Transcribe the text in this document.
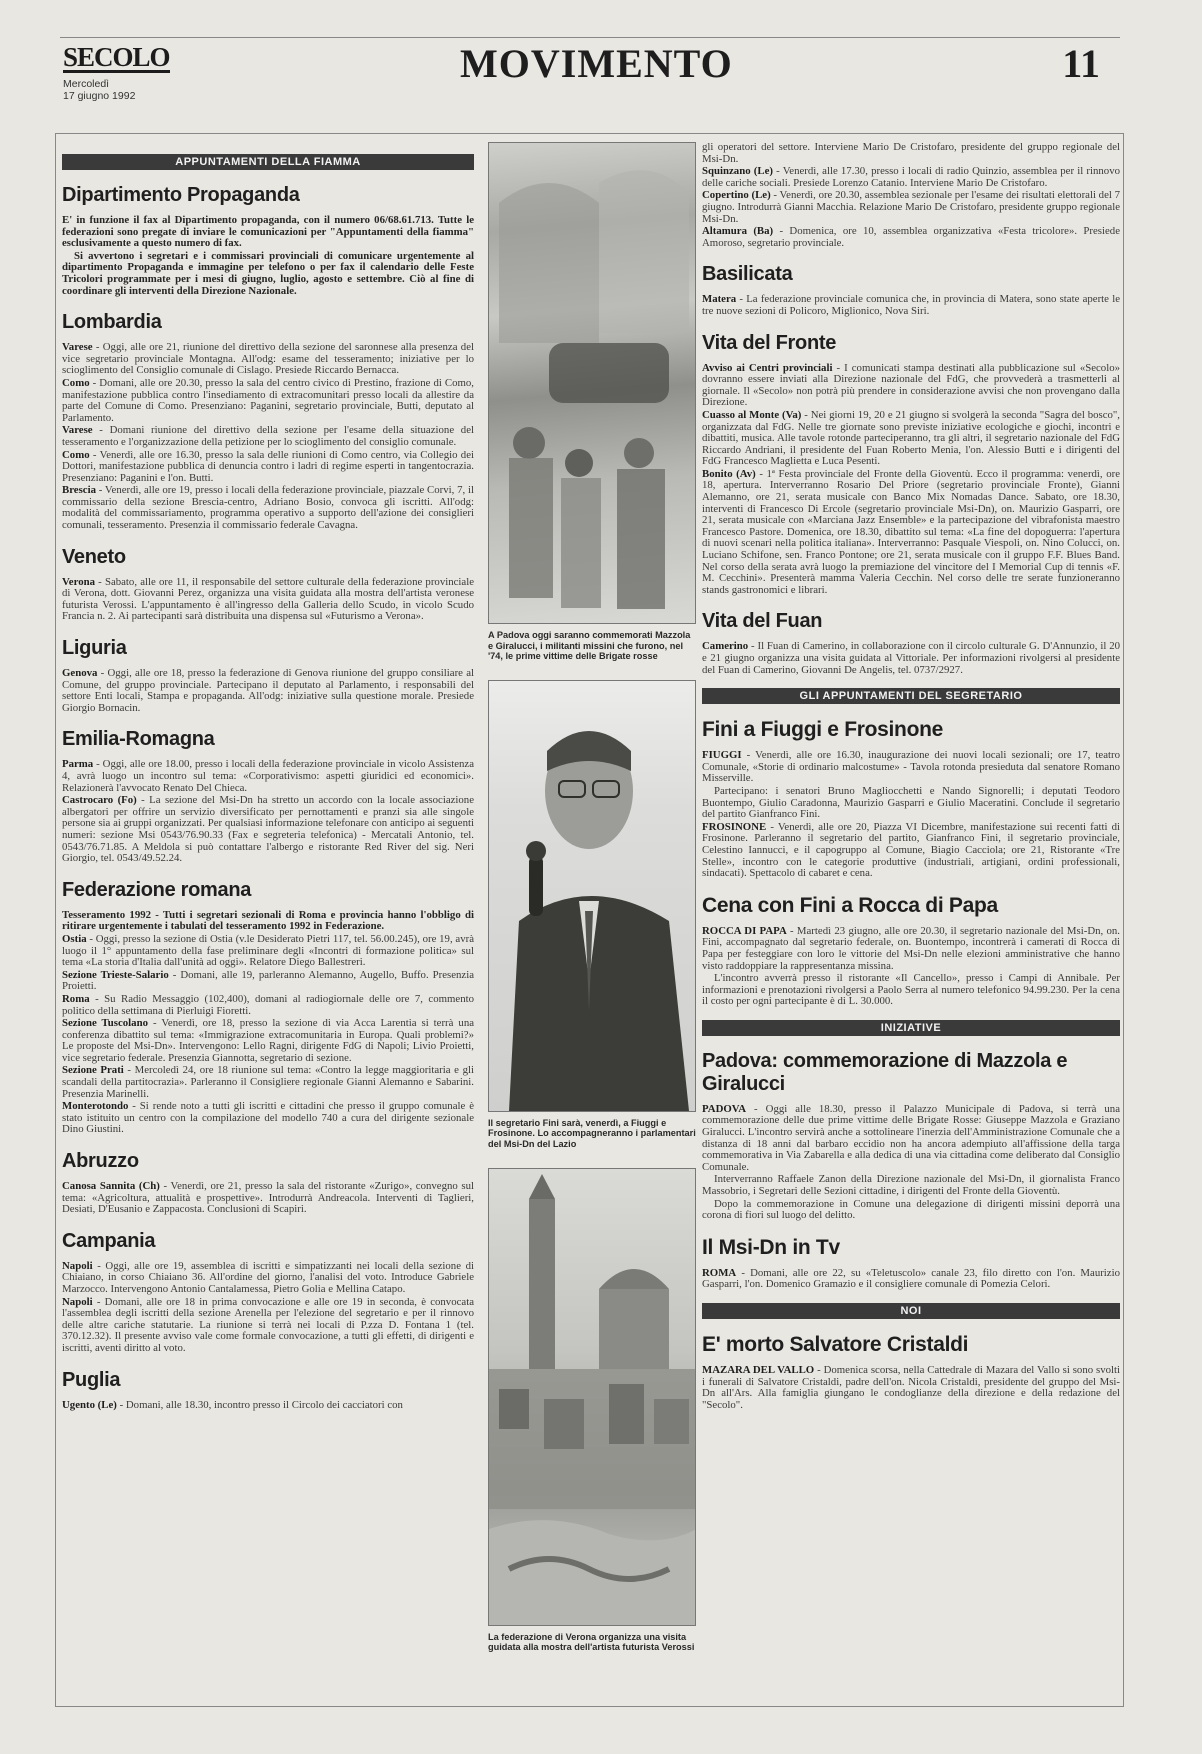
SECOLO
Mercoledì
17 giugno 1992
MOVIMENTO	11
APPUNTAMENTI DELLA FIAMMA
Dipartimento Propaganda

E' in funzione il fax al Dipartimento propaganda, con il numero 06/68.61.713. Tutte le federazioni sono pregate di inviare le comunicazioni per "Appuntamenti della fiamma" esclusivamente a questo numero di fax.

Si avvertono i segretari e i commissari provinciali di comunicare urgentemente al dipartimento Propaganda e immagine per telefono o per fax il calendario delle Feste Tricolori programmate per i mesi di giugno, luglio, agosto e settembre. Ciò al fine di coordinare gli interventi della Direzione Nazionale.

Lombardia

Varese - Oggi, alle ore 21, riunione del direttivo della sezione del saronnese alla presenza del vice segretario provinciale Montagna. All'odg: esame del tesseramento; iniziative per lo scioglimento del Consiglio comunale di Cislago. Presiede Riccardo Bernacca.

Como - Domani, alle ore 20.30, presso la sala del centro civico di Prestino, frazione di Como, manifestazione pubblica contro l'insediamento di extracomunitari presso locali da allestire da parte del Comune di Como. Presenziano: Paganini, segretario provinciale, Butti, deputato al Parlamento.

Varese - Domani riunione del direttivo della sezione per l'esame della situazione del tesseramento e l'organizzazione della petizione per lo scioglimento del consiglio comunale.

Como - Venerdì, alle ore 16.30, presso la sala delle riunioni di Como centro, via Collegio dei Dottori, manifestazione pubblica di denuncia contro i ladri di regime esperti in tangentocrazia. Presenziano: Paganini e l'on. Butti.

Brescia - Venerdì, alle ore 19, presso i locali della federazione provinciale, piazzale Corvi, 7, il commissario della sezione Brescia-centro, Adriano Bosio, convoca gli iscritti. All'odg: modalità del commissariamento, programma operativo a supporto dell'azione dei consiglieri comunali, tesseramento. Presenzia il commissario federale Cavagna.

Veneto

Verona - Sabato, alle ore 11, il responsabile del settore culturale della federazione provinciale di Verona, dott. Giovanni Perez, organizza una visita guidata alla mostra dell'artista veronese futurista Verossi. L'appuntamento è all'ingresso della Galleria dello Scudo, in vicolo Scudo Francia n. 2. Ai partecipanti sarà distribuita una dispensa sul «Futurismo a Verona».

Liguria

Genova - Oggi, alle ore 18, presso la federazione di Genova riunione del gruppo consiliare al Comune, del gruppo provinciale. Partecipano il deputato al Parlamento, i responsabili del settore Enti locali, Stampa e propaganda. All'odg: iniziative sulla questione morale. Presiede Giorgio Bornacin.

Emilia-Romagna

Parma - Oggi, alle ore 18.00, presso i locali della federazione provinciale in vicolo Assistenza 4, avrà luogo un incontro sul tema: «Corporativismo: aspetti giuridici ed economici». Relazionerà l'avvocato Renato Del Chieca.

Castrocaro (Fo) - La sezione del Msi-Dn ha stretto un accordo con la locale associazione albergatori per offrire un servizio diversificato per pernottamenti e pranzi sia alle singole persone sia ai gruppi organizzati. Per qualsiasi informazione telefonare con anticipo ai seguenti numeri: sezione Msi 0543/76.90.33 (Fax e segreteria telefonica) - Mercatali Antonio, tel. 0543/76.71.85. A Meldola si può contattare l'albergo e ristorante Red River del sig. Neri Giorgio, tel. 0543/49.52.24.

Federazione romana

Tesseramento 1992 - Tutti i segretari sezionali di Roma e provincia hanno l'obbligo di ritirare urgentemente i tabulati del tesseramento 1992 in Federazione.

Ostia - Oggi, presso la sezione di Ostia (v.le Desiderato Pietri 117, tel. 56.00.245), ore 19, avrà luogo il 1° appuntamento della fase preliminare degli «Incontri di formazione politica» sul tema «La storia d'Italia dall'unità ad oggi». Relatore Diego Ballestreri.

Sezione Trieste-Salario - Domani, alle 19, parleranno Alemanno, Augello, Buffo. Presenzia Proietti.

Roma - Su Radio Messaggio (102,400), domani al radiogiornale delle ore 7, commento politico della settimana di Pierluigi Fioretti.

Sezione Tuscolano - Venerdì, ore 18, presso la sezione di via Acca Larentia si terrà una conferenza dibattito sul tema: «Immigrazione extracomunitaria in Europa. Quali problemi?» Le proposte del Msi-Dn». Intervengono: Lello Ragni, dirigente FdG di Napoli; Livio Proietti, vice segretario federale. Presenzia Giannotta, segretario di sezione.

Sezione Prati - Mercoledì 24, ore 18 riunione sul tema: «Contro la legge maggioritaria e gli scandali della partitocrazia». Parleranno il Consigliere regionale Gianni Alemanno e Sabarini. Presenzia Marinelli.

Monterotondo - Si rende noto a tutti gli iscritti e cittadini che presso il gruppo comunale è stato istituito un centro con la compilazione del modello 740 a cura del dirigente sezionale Dino Giustini.

Abruzzo

Canosa Sannita (Ch) - Venerdì, ore 21, presso la sala del ristorante «Zurigo», convegno sul tema: «Agricoltura, attualità e prospettive». Introdurrà Andreacola. Interventi di Taglieri, Desiati, D'Eusanio e Zappacosta. Conclusioni di Scapiri.

Campania

Napoli - Oggi, alle ore 19, assemblea di iscritti e simpatizzanti nei locali della sezione di Chiaiano, in corso Chiaiano 36. All'ordine del giorno, l'analisi del voto. Introduce Gabriele Marzocco. Intervengono Antonio Cantalamessa, Pietro Golia e Mellina Catapo.

Napoli - Domani, alle ore 18 in prima convocazione e alle ore 19 in seconda, è convocata l'assemblea degli iscritti della sezione Arenella per l'elezione del segretario e per il rinnovo delle altre cariche statutarie. La riunione si terrà nei locali di P.zza D. Fontana 1 (tel. 370.12.32). Il presente avviso vale come formale convocazione, a tutti gli effetti, di dirigenti e iscritti, aventi diritto al voto.

Puglia

Ugento (Le) - Domani, alle 18.30, incontro presso il Circolo dei cacciatori con

A Padova oggi saranno commemorati Mazzola e Giralucci, i militanti missini che furono, nel '74, le prime vittime delle Brigate rosse
Il segretario Fini sarà, venerdì, a Fiuggi e Frosinone. Lo accompagneranno i parlamentari del Msi-Dn del Lazio
La federazione di Verona organizza una visita guidata alla mostra dell'artista futurista Verossi

gli operatori del settore. Interviene Mario De Cristofaro, presidente del gruppo regionale del Msi-Dn.

Squinzano (Le) - Venerdì, alle 17.30, presso i locali di radio Quinzio, assemblea per il rinnovo delle cariche sociali. Presiede Lorenzo Catanio. Interviene Mario De Cristofaro.

Copertino (Le) - Venerdì, ore 20.30, assemblea sezionale per l'esame dei risultati elettorali del 7 giugno. Introdurrà Gianni Macchia. Relazione Mario De Cristofaro, presidente gruppo regionale Msi-Dn.

Altamura (Ba) - Domenica, ore 10, assemblea organizzativa «Festa tricolore». Presiede Amoroso, segretario provinciale.

Basilicata

Matera - La federazione provinciale comunica che, in provincia di Matera, sono state aperte le tre nuove sezioni di Policoro, Miglionico, Nova Siri.

Vita del Fronte

Avviso ai Centri provinciali - I comunicati stampa destinati alla pubblicazione sul «Secolo» dovranno essere inviati alla Direzione nazionale del FdG, che provvederà a trasmetterli al giornale. Il «Secolo» non potrà più prendere in considerazione avvisi che non provengano dalla Direzione.

Cuasso al Monte (Va) - Nei giorni 19, 20 e 21 giugno si svolgerà la seconda "Sagra del bosco", organizzata dal FdG. Nelle tre giornate sono previste iniziative ecologiche e giochi, incontri e dibattiti, musica. Alle tavole rotonde parteciperanno, tra gli altri, il segretario nazionale del FdG Riccardo Andriani, il presidente del Fuan Roberto Menia, l'on. Alessio Butti e i dirigenti del FdG Francesco Maglietta e Luca Pesenti.

Bonito (Av) - 1ª Festa provinciale del Fronte della Gioventù. Ecco il programma: venerdì, ore 18, apertura. Interverranno Rosario Del Priore (segretario provinciale Fronte), Gianni Alemanno, ore 21, serata musicale con Banco Mix Nomadas Dance. Sabato, ore 18.30, interventi di Francesco Di Ercole (segretario provinciale Msi-Dn), on. Maurizio Gasparri, ore 21, serata musicale con «Marciana Jazz Ensemble» e la partecipazione del vibrafonista maestro Francesco Pastore. Domenica, ore 18.30, dibattito sul tema: «La fine del dopoguerra: l'apertura di nuovi scenari nella politica italiana». Interverranno: Pasquale Viespoli, on. Nino Colucci, on. Luciano Schifone, sen. Franco Pontone; ore 21, serata musicale con il gruppo F.F. Blues Band. Nel corso della serata avrà luogo la premiazione del vincitore del I Memorial Cup di tennis «F. M. Cecchini». Presenterà mamma Valeria Cecchin. Nel corso delle tre serate funzioneranno stands gastronomici e librari.

Vita del Fuan

Camerino - Il Fuan di Camerino, in collaborazione con il circolo culturale G. D'Annunzio, il 20 e 21 giugno organizza una visita guidata al Vittoriale. Per informazioni rivolgersi al presidente del Fuan di Camerino, Giovanni De Angelis, tel. 0737/2927.

GLI APPUNTAMENTI DEL SEGRETARIO
Fini a Fiuggi e Frosinone

FIUGGI - Venerdì, alle ore 16.30, inaugurazione dei nuovi locali sezionali; ore 17, teatro Comunale, «Storie di ordinario malcostume» - Tavola rotonda presieduta dal senatore Romano Misserville.

Partecipano: i senatori Bruno Magliocchetti e Nando Signorelli; i deputati Teodoro Buontempo, Giulio Caradonna, Maurizio Gasparri e Giulio Maceratini. Conclude il segretario del partito Gianfranco Fini.

FROSINONE - Venerdì, alle ore 20, Piazza VI Dicembre, manifestazione sui recenti fatti di Frosinone. Parleranno il segretario del partito, Gianfranco Fini, il segretario provinciale, Celestino Iannucci, e il capogruppo al Comune, Biagio Cacciola; ore 21, Ristorante «Tre Stelle», incontro con le categorie produttive (industriali, artigiani, ordini professionali, sindacati). Spettacolo di cabaret e cena.

Cena con Fini a Rocca di Papa

ROCCA DI PAPA - Martedì 23 giugno, alle ore 20.30, il segretario nazionale del Msi-Dn, on. Fini, accompagnato dal segretario federale, on. Buontempo, incontrerà i camerati di Rocca di Papa per festeggiare con loro le vittorie del Msi-Dn nelle elezioni amministrative che hanno visto raddoppiare la rappresentanza missina.

L'incontro avverrà presso il ristorante «Il Cancello», presso i Campi di Annibale. Per informazioni e prenotazioni rivolgersi a Paolo Serra al numero telefonico 94.99.230. Per la cena il costo per ogni partecipante è di L. 30.000.

INIZIATIVE
Padova: commemorazione di Mazzola e Giralucci

PADOVA - Oggi alle 18.30, presso il Palazzo Municipale di Padova, si terrà una commemorazione delle due prime vittime delle Brigate Rosse: Giuseppe Mazzola e Graziano Giralucci. L'incontro servirà anche a sottolineare l'inerzia dell'Amministrazione Comunale che a distanza di 18 anni dal barbaro eccidio non ha ancora adempiuto all'affissione della targa commemorativa in Via Zabarella e alla dedica di una via cittadina come deliberato dal Consiglio Comunale.

Interverranno Raffaele Zanon della Direzione nazionale del Msi-Dn, il giornalista Franco Massobrio, i Segretari delle Sezioni cittadine, i dirigenti del Fronte della Gioventù.

Dopo la commemorazione in Comune una delegazione di dirigenti missini deporrà una corona di fiori sul luogo del delitto.

Il Msi-Dn in Tv

ROMA - Domani, alle ore 22, su «Teletuscolo» canale 23, filo diretto con l'on. Maurizio Gasparri, l'on. Domenico Gramazio e il consigliere comunale di Pomezia Celori.

NOI
E' morto Salvatore Cristaldi

MAZARA DEL VALLO - Domenica scorsa, nella Cattedrale di Mazara del Vallo si sono svolti i funerali di Salvatore Cristaldi, padre dell'on. Nicola Cristaldi, presidente del gruppo del Msi-Dn all'Ars. Alla famiglia giungano le condoglianze della direzione e della redazione del "Secolo".
